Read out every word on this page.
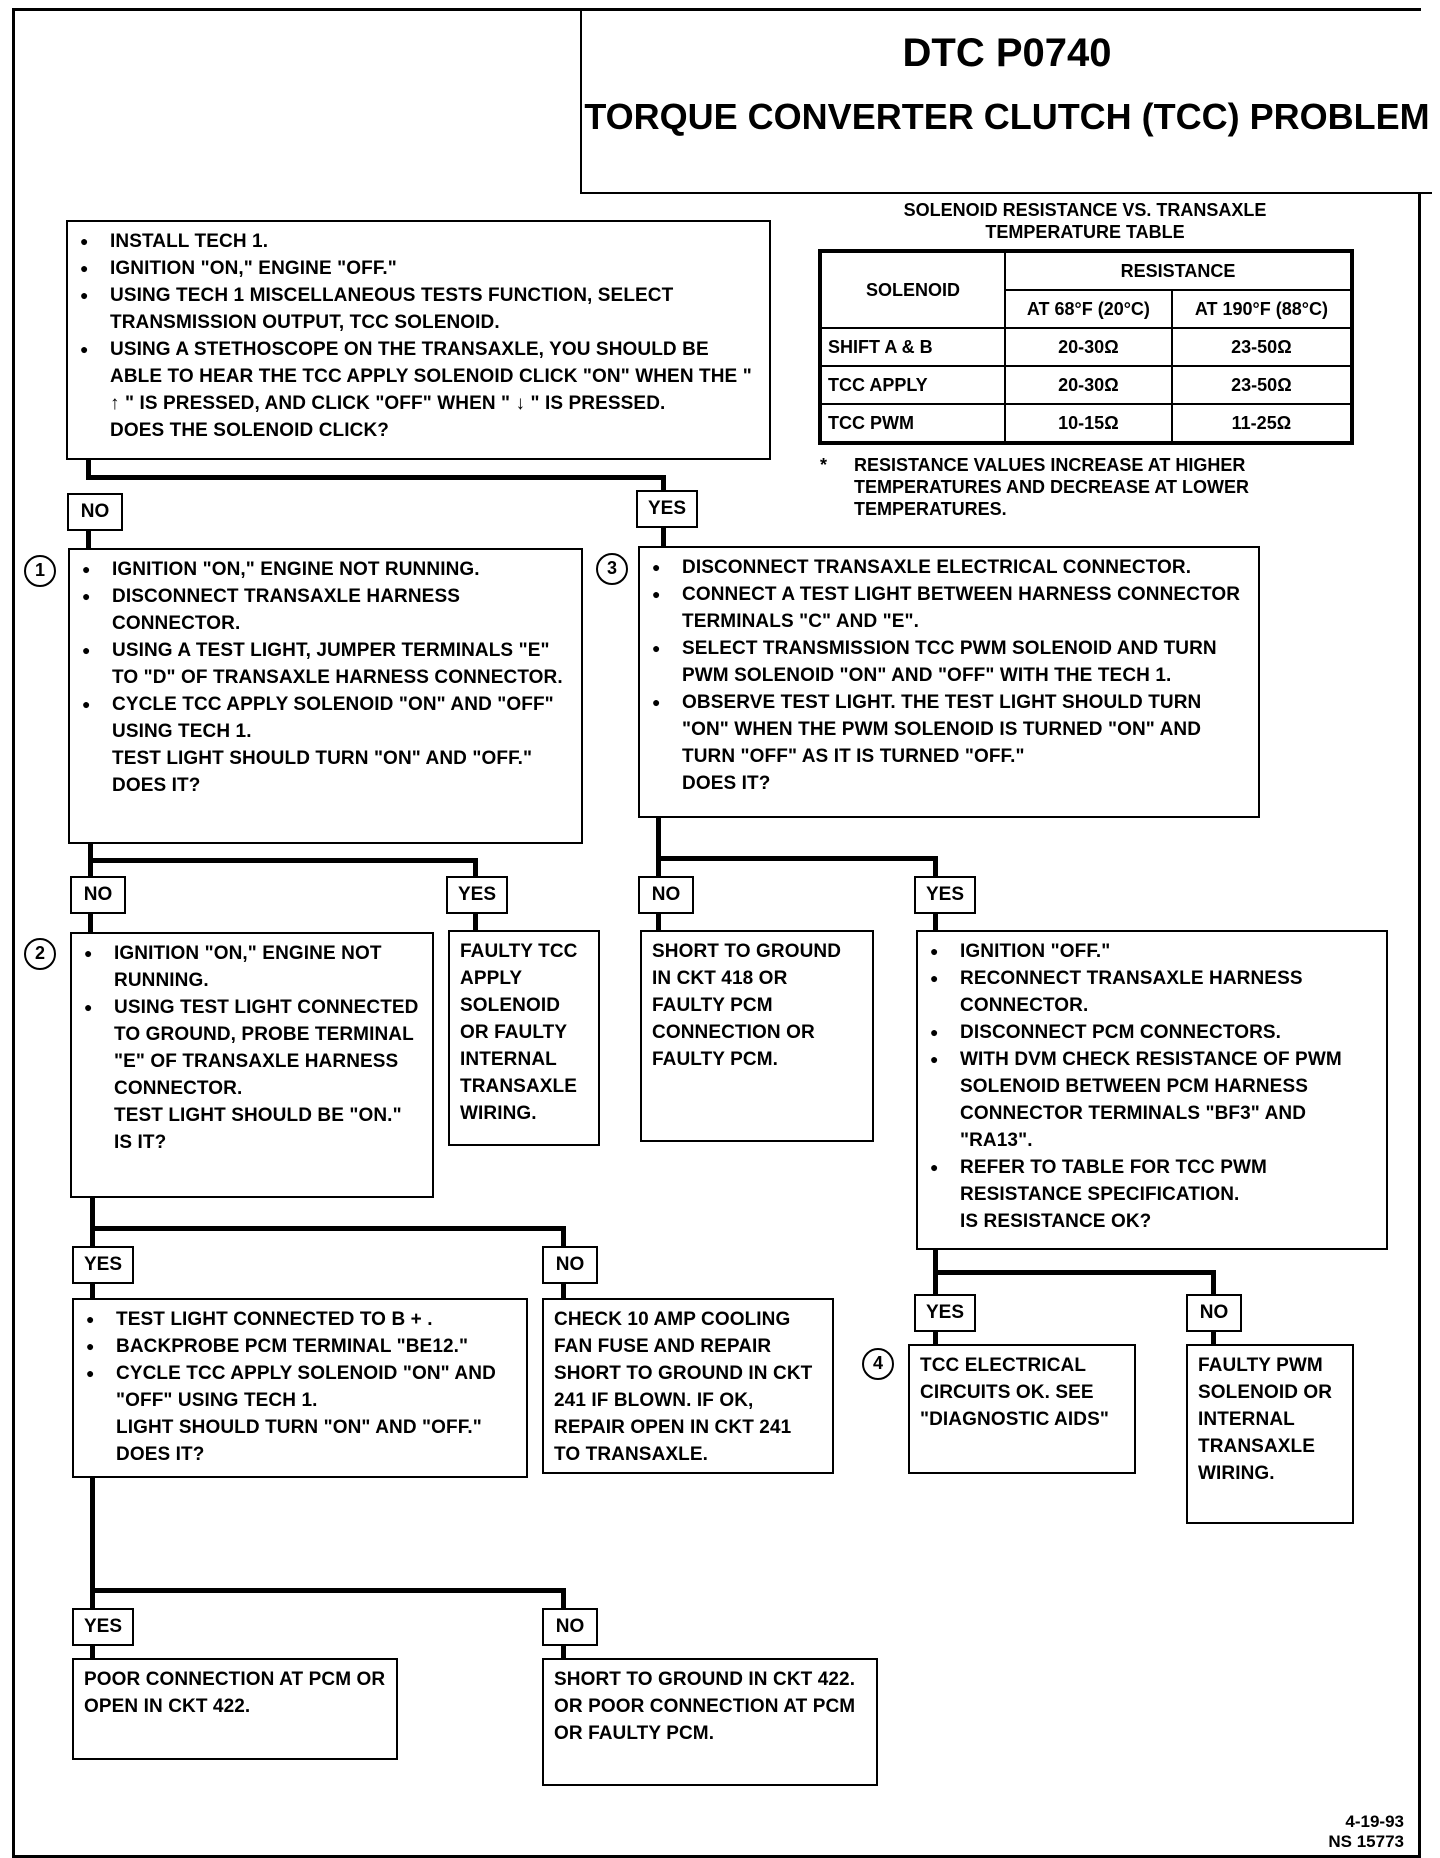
DTC P0740
TORQUE CONVERTER CLUTCH (TCC) PROBLEM
● INSTALL TECH 1.
● IGNITION "ON," ENGINE "OFF."
● USING TECH 1 MISCELLANEOUS TESTS FUNCTION, SELECT TRANSMISSION OUTPUT, TCC SOLENOID.
● USING A STETHOSCOPE ON THE TRANSAXLE, YOU SHOULD BE ABLE TO HEAR THE TCC APPLY SOLENOID CLICK "ON" WHEN THE " ↑ " IS PRESSED, AND CLICK "OFF" WHEN " ↓ " IS PRESSED.
DOES THE SOLENOID CLICK?
SOLENOID RESISTANCE VS. TRANSAXLE TEMPERATURE TABLE
SOLENOID	RESISTANCE	
	AT 68°F (20°C)	AT 190°F (88°C)
SHIFT A & B	20-30Ω	23-50Ω
TCC APPLY	20-30Ω	23-50Ω
TCC PWM	10-15Ω	11-25Ω
* RESISTANCE VALUES INCREASE AT HIGHER TEMPERATURES AND DECREASE AT LOWER TEMPERATURES.
NO	YES
1	● IGNITION "ON," ENGINE NOT RUNNING.
● DISCONNECT TRANSAXLE HARNESS CONNECTOR.
● USING A TEST LIGHT, JUMPER TERMINALS "E" TO "D" OF TRANSAXLE HARNESS CONNECTOR.
● CYCLE TCC APPLY SOLENOID "ON" AND "OFF" USING TECH 1.
TEST LIGHT SHOULD TURN "ON" AND "OFF."
DOES IT?
3	● DISCONNECT TRANSAXLE ELECTRICAL CONNECTOR.
● CONNECT A TEST LIGHT BETWEEN HARNESS CONNECTOR TERMINALS "C" AND "E".
● SELECT TRANSMISSION TCC PWM SOLENOID AND TURN PWM SOLENOID "ON" AND "OFF" WITH THE TECH 1.
● OBSERVE TEST LIGHT. THE TEST LIGHT SHOULD TURN "ON" WHEN THE PWM SOLENOID IS TURNED "ON" AND TURN "OFF" AS IT IS TURNED "OFF."
DOES IT?
NO	YES	NO	YES
2	● IGNITION "ON," ENGINE NOT RUNNING.
● USING TEST LIGHT CONNECTED TO GROUND, PROBE TERMINAL "E" OF TRANSAXLE HARNESS CONNECTOR.
TEST LIGHT SHOULD BE "ON."
IS IT?
FAULTY TCC APPLY SOLENOID OR FAULTY INTERNAL TRANSAXLE WIRING.
SHORT TO GROUND IN CKT 418 OR FAULTY PCM CONNECTION OR FAULTY PCM.
● IGNITION "OFF."
● RECONNECT TRANSAXLE HARNESS CONNECTOR.
● DISCONNECT PCM CONNECTORS.
● WITH DVM CHECK RESISTANCE OF PWM SOLENOID BETWEEN PCM HARNESS CONNECTOR TERMINALS "BF3" AND "RA13".
● REFER TO TABLE FOR TCC PWM RESISTANCE SPECIFICATION.
IS RESISTANCE OK?
YES	NO
YES	NO
● TEST LIGHT CONNECTED TO B + .
● BACKPROBE PCM TERMINAL "BE12."
● CYCLE TCC APPLY SOLENOID "ON" AND "OFF" USING TECH 1.
LIGHT SHOULD TURN "ON" AND "OFF."
DOES IT?
CHECK 10 AMP COOLING FAN FUSE AND REPAIR SHORT TO GROUND IN CKT 241 IF BLOWN. IF OK, REPAIR OPEN IN CKT 241 TO TRANSAXLE.
4	TCC ELECTRICAL CIRCUITS OK. SEE "DIAGNOSTIC AIDS"
FAULTY PWM SOLENOID OR INTERNAL TRANSAXLE WIRING.
YES	NO
POOR CONNECTION AT PCM OR OPEN IN CKT 422.
SHORT TO GROUND IN CKT 422. OR POOR CONNECTION AT PCM OR FAULTY PCM.
4-19-93
NS 15773
